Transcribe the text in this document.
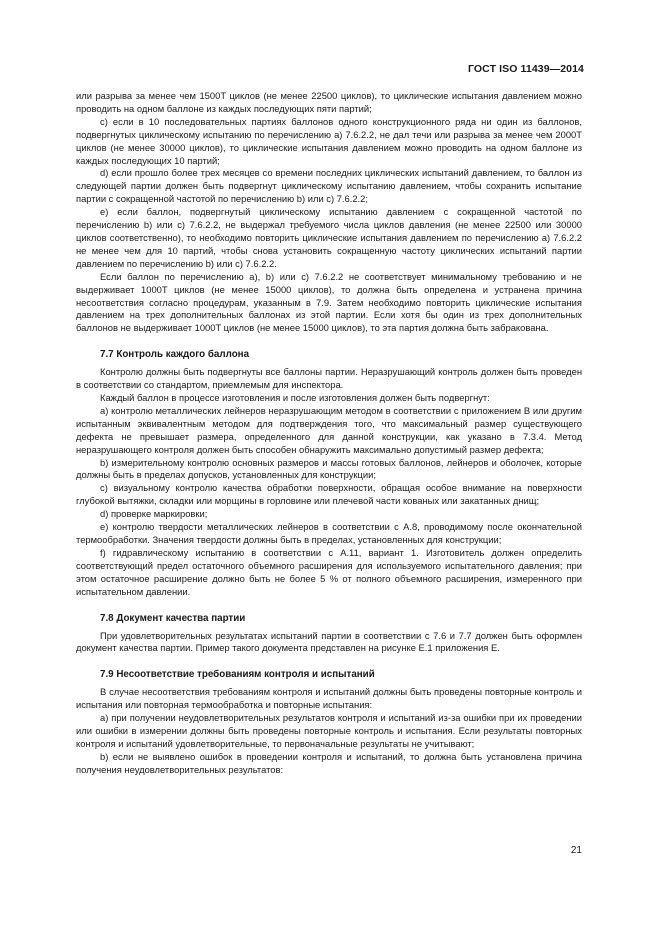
ГОСТ ISO 11439—2014

или разрыва за менее чем 1500T циклов (не менее 22500 циклов), то циклические испытания давлением можно проводить на одном баллоне из каждых последующих пяти партий;

c) если в 10 последовательных партиях баллонов одного конструкционного ряда ни один из баллонов, подвергнутых циклическому испытанию по перечислению а) 7.6.2.2, не дал течи или разрыва за менее чем 2000T циклов (не менее 30000 циклов), то циклические испытания давлением можно проводить на одном баллоне из каждых последующих 10 партий;

d) если прошло более трех месяцев со времени последних циклических испытаний давлением, то баллон из следующей партии должен быть подвергнут циклическому испытанию давлением, чтобы сохранить испытание партии с сокращенной частотой по перечислению b) или c) 7.6.2.2;

e) если баллон, подвергнутый циклическому испытанию давлением с сокращенной частотой по перечислению b) или c) 7.6.2.2, не выдержал требуемого числа циклов давления (не менее 22500 или 30000 циклов соответственно), то необходимо повторить циклические испытания давлением по перечислению а) 7.6.2.2 не менее чем для 10 партий, чтобы снова установить сокращенную частоту циклических испытаний партии давлением по перечислению b) или c) 7.6.2.2.

Если баллон по перечислению а), b) или c) 7.6.2.2 не соответствует минимальному требованию и не выдерживает 1000T циклов (не менее 15000 циклов), то должна быть определена и устранена причина несоответствия согласно процедурам, указанным в 7.9. Затем необходимо повторить циклические испытания давлением на трех дополнительных баллонах из этой партии. Если хотя бы один из трех дополнительных баллонов не выдерживает 1000T циклов (не менее 15000 циклов), то эта партия должна быть забракована.

7.7 Контроль каждого баллона

Контролю должны быть подвергнуты все баллоны партии. Неразрушающий контроль должен быть проведен в соответствии со стандартом, приемлемым для инспектора.

Каждый баллон в процессе изготовления и после изготовления должен быть подвергнут:

a) контролю металлических лейнеров неразрушающим методом в соответствии с приложением В или другим испытанным эквивалентным методом для подтверждения того, что максимальный размер существующего дефекта не превышает размера, определенного для данной конструкции, как указано в 7.3.4. Метод неразрушающего контроля должен быть способен обнаружить максимально допустимый размер дефекта;

b) измерительному контролю основных размеров и массы готовых баллонов, лейнеров и оболочек, которые должны быть в пределах допусков, установленных для конструкции;

c) визуальному контролю качества обработки поверхности, обращая особое внимание на поверхности глубокой вытяжки, складки или морщины в горловине или плечевой части кованых или закатанных днищ;

d) проверке маркировки;

e) контролю твердости металлических лейнеров в соответствии с А.8, проводимому после окончательной термообработки. Значения твердости должны быть в пределах, установленных для конструкции;

f) гидравлическому испытанию в соответствии с А.11, вариант 1. Изготовитель должен определить соответствующий предел остаточного объемного расширения для используемого испытательного давления; при этом остаточное расширение должно быть не более 5 % от полного объемного расширения, измеренного при испытательном давлении.

7.8 Документ качества партии

При удовлетворительных результатах испытаний партии в соответствии с 7.6 и 7.7 должен быть оформлен документ качества партии. Пример такого документа представлен на рисунке Е.1 приложения Е.

7.9 Несоответствие требованиям контроля и испытаний

В случае несоответствия требованиям контроля и испытаний должны быть проведены повторные контроль и испытания или повторная термообработка и повторные испытания:

a) при получении неудовлетворительных результатов контроля и испытаний из-за ошибки при их проведении или ошибки в измерении должны быть проведены повторные контроль и испытания. Если результаты повторных контроля и испытаний удовлетворительные, то первоначальные результаты не учитывают;

b) если не выявлено ошибок в проведении контроля и испытаний, то должна быть установлена причина получения неудовлетворительных результатов:

21
